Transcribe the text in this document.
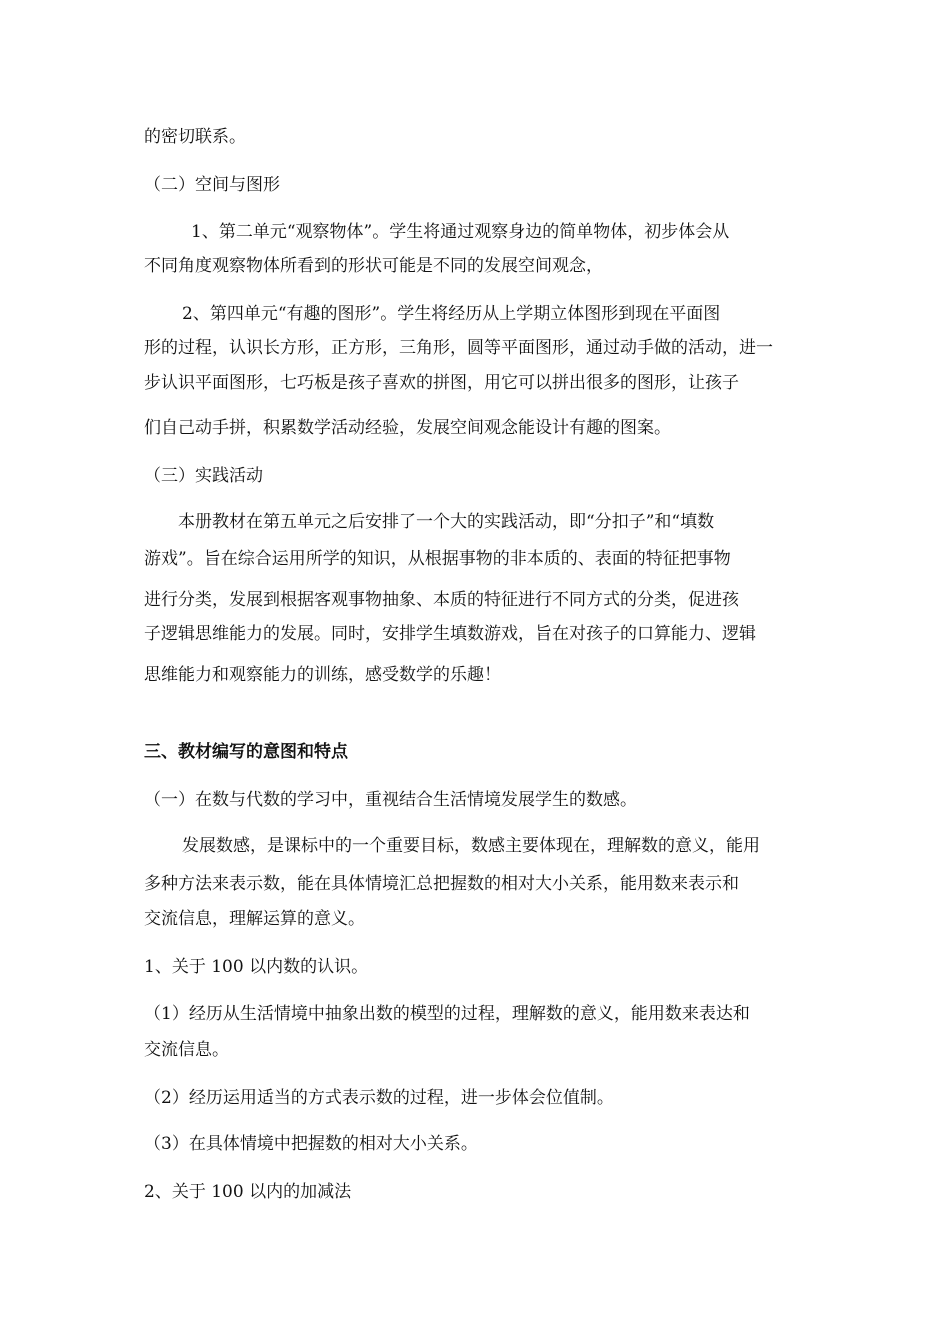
的密切联系。
（二）空间与图形
1、第二单元“观察物体”。学生将通过观察身边的简单物体，初步体会从
不同角度观察物体所看到的形状可能是不同的发展空间观念，
2、第四单元“有趣的图形”。学生将经历从上学期立体图形到现在平面图
形的过程，认识长方形，正方形，三角形，圆等平面图形，通过动手做的活动，进一
步认识平面图形，七巧板是孩子喜欢的拼图，用它可以拼出很多的图形，让孩子
们自己动手拼，积累数学活动经验，发展空间观念能设计有趣的图案。
（三）实践活动
本册教材在第五单元之后安排了一个大的实践活动，即“分扣子”和“填数
游戏”。旨在综合运用所学的知识，从根据事物的非本质的、表面的特征把事物
进行分类，发展到根据客观事物抽象、本质的特征进行不同方式的分类，促进孩
子逻辑思维能力的发展。同时，安排学生填数游戏，旨在对孩子的口算能力、逻辑
思维能力和观察能力的训练，感受数学的乐趣！
三、教材编写的意图和特点
（一）在数与代数的学习中，重视结合生活情境发展学生的数感。
发展数感，是课标中的一个重要目标，数感主要体现在，理解数的意义，能用
多种方法来表示数，能在具体情境汇总把握数的相对大小关系，能用数来表示和
交流信息，理解运算的意义。
1、关于 100 以内数的认识。
（1）经历从生活情境中抽象出数的模型的过程，理解数的意义，能用数来表达和
交流信息。
（2）经历运用适当的方式表示数的过程，进一步体会位值制。
（3）在具体情境中把握数的相对大小关系。
2、关于 100 以内的加减法
